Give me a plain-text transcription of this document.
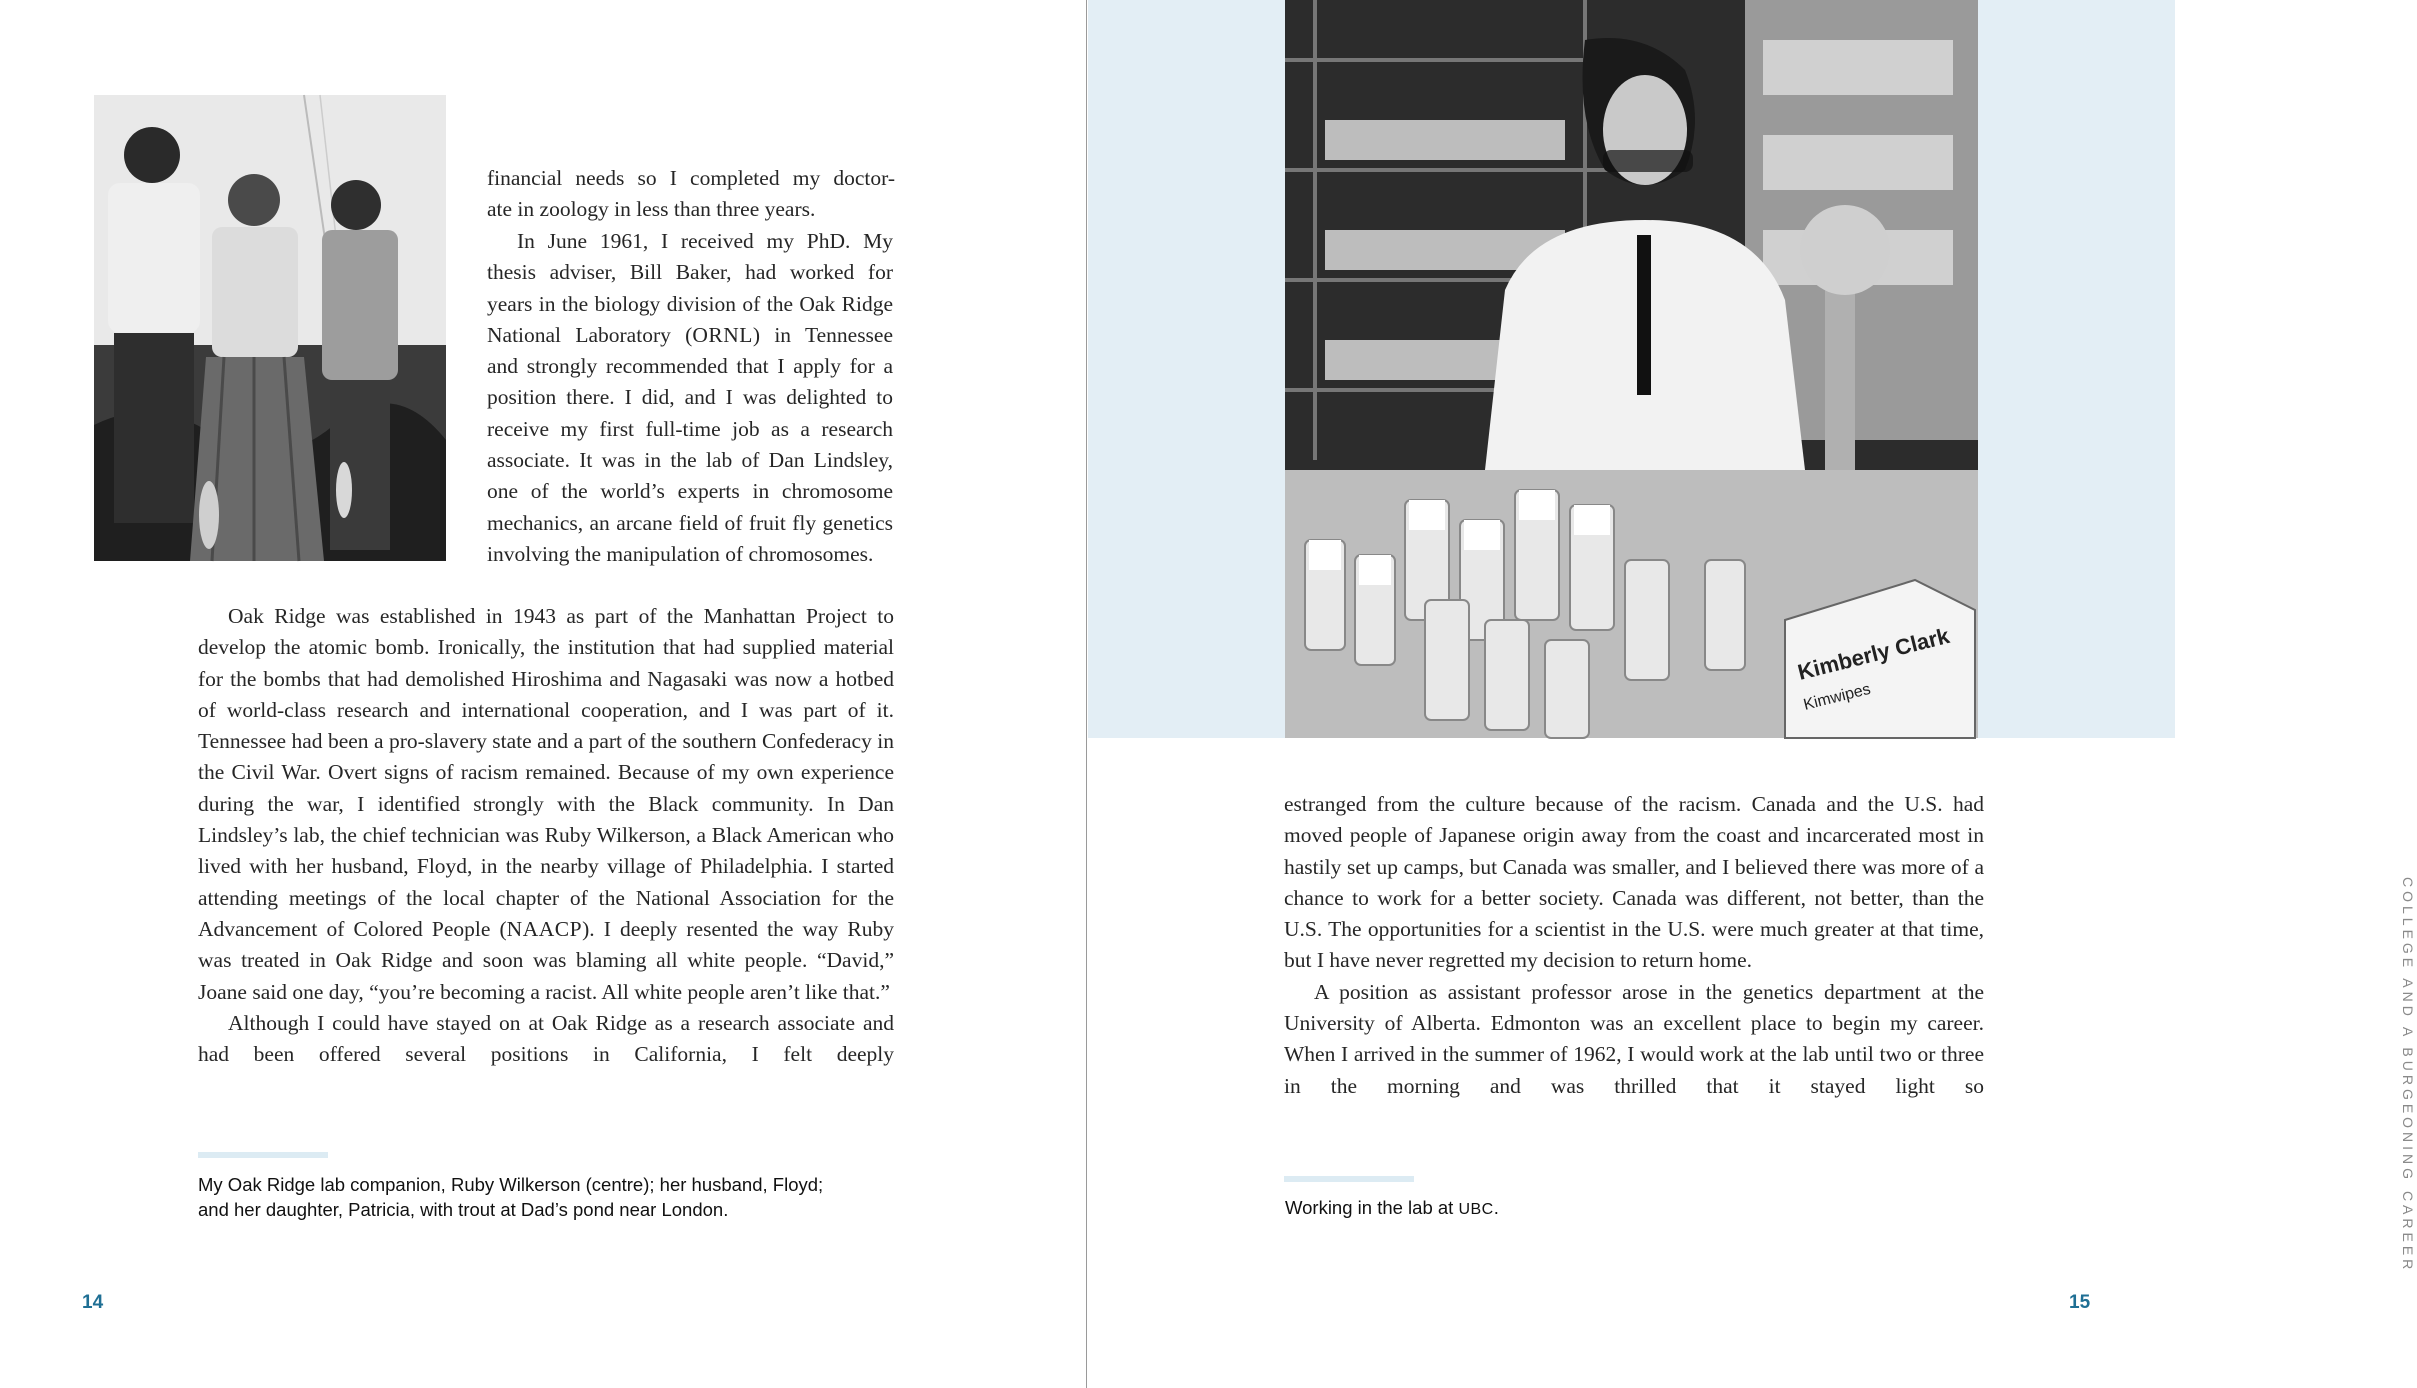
financial needs so I completed my doctor-

ate in zoology in less than three years.

In June 1961, I received my PhD. My thesis adviser, Bill Baker, had worked for years in the biology division of the Oak Ridge National Laboratory (ORNL) in Tennessee and strongly recommended that I apply for a position there. I did, and I was delighted to receive my first full-time job as a research associate. It was in the lab of Dan Lindsley, one of the world’s experts in chromosome mechanics, an arcane field of fruit fly genetics involving the manipulation of chromosomes.

Oak Ridge was established in 1943 as part of the Manhattan Project to develop the atomic bomb. Ironically, the institution that had supplied material for the bombs that had demolished Hiroshima and Nagasaki was now a hotbed of world-class research and international cooperation, and I was part of it. Tennessee had been a pro-slavery state and a part of the southern Confederacy in the Civil War. Overt signs of racism remained. Because of my own experience during the war, I identified strongly with the Black community. In Dan Lindsley’s lab, the chief technician was Ruby Wilkerson, a Black American who lived with her husband, Floyd, in the nearby village of Philadelphia. I started attending meetings of the local chapter of the National Association for the Advancement of Colored People (NAACP). I deeply resented the way Ruby was treated in Oak Ridge and soon was blaming all white people. “David,” Joane said one day, “you’re becoming a racist. All white people aren’t like that.”

Although I could have stayed on at Oak Ridge as a research associate and had been offered several positions in California, I felt deeply

My Oak Ridge lab companion, Ruby Wilkerson (centre); her husband, Floyd;
and her daughter, Patricia, with trout at Dad’s pond near London.
14
Kimberly Clark
Kimwipes

estranged from the culture because of the racism. Canada and the U.S. had moved people of Japanese origin away from the coast and incarcerated most in hastily set up camps, but Canada was smaller, and I believed there was more of a chance to work for a better society. Canada was different, not better, than the U.S. The opportunities for a scientist in the U.S. were much greater at that time, but I have never regretted my decision to return home.

A position as assistant professor arose in the genetics department at the University of Alberta. Edmonton was an excellent place to begin my career. When I arrived in the summer of 1962, I would work at the lab until two or three in the morning and was thrilled that it stayed light so

Working in the lab at UBC.	COLLEGE AND A BURGEONING CAREER
15
